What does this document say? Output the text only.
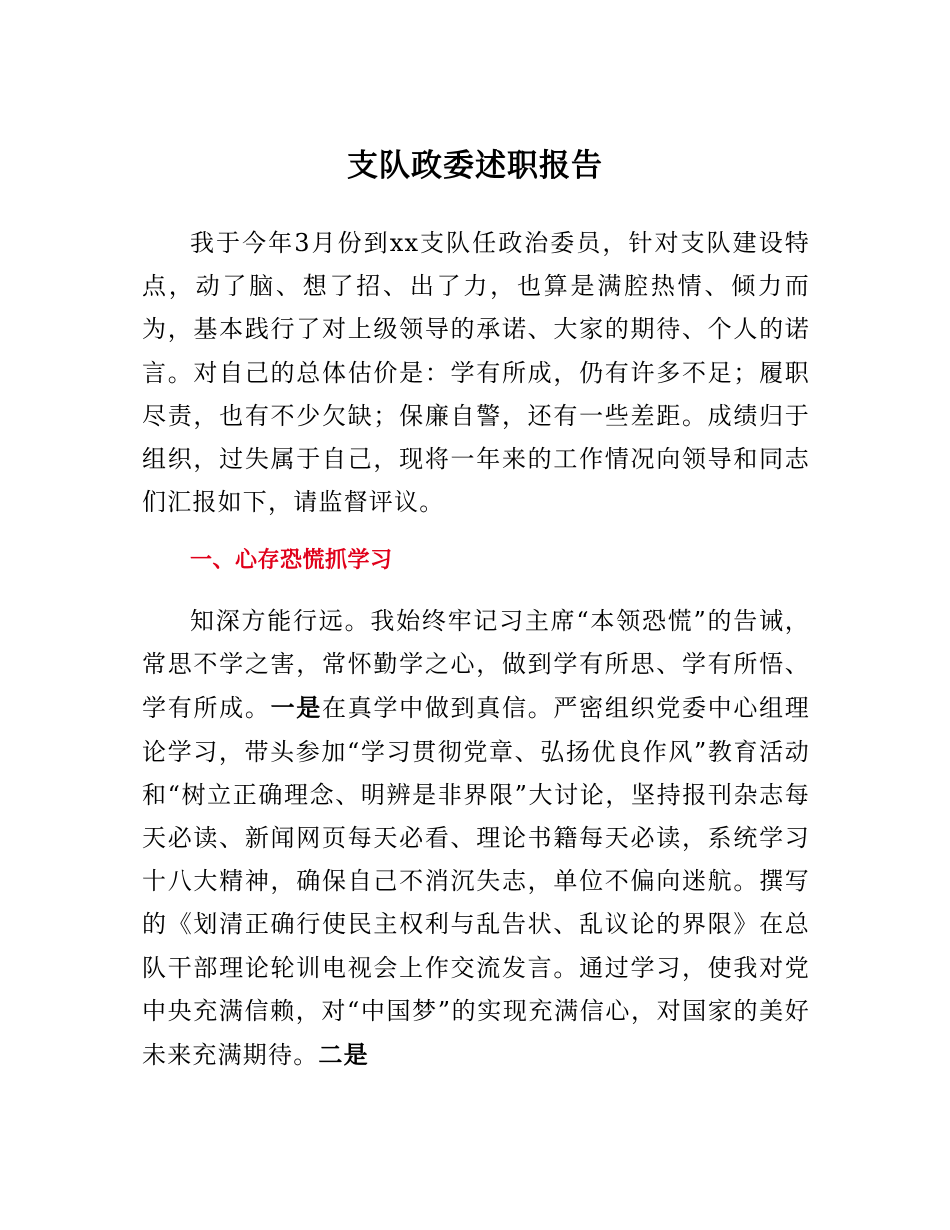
支队政委述职报告

我于今年3月份到xx支队任政治委员，针对支队建设特点，动了脑、想了招、出了力，也算是满腔热情、倾力而为，基本践行了对上级领导的承诺、大家的期待、个人的诺言。对自己的总体估价是：学有所成，仍有许多不足；履职尽责，也有不少欠缺；保廉自警，还有一些差距。成绩归于组织，过失属于自己，现将一年来的工作情况向领导和同志们汇报如下，请监督评议。

一、心存恐慌抓学习

知深方能行远。我始终牢记习主席“本领恐慌”的告诫，常思不学之害，常怀勤学之心，做到学有所思、学有所悟、学有所成。一是在真学中做到真信。严密组织党委中心组理论学习，带头参加“学习贯彻党章、弘扬优良作风”教育活动和“树立正确理念、明辨是非界限”大讨论，坚持报刊杂志每天必读、新闻网页每天必看、理论书籍每天必读，系统学习十八大精神，确保自己不消沉失志，单位不偏向迷航。撰写的《划清正确行使民主权利与乱告状、乱议论的界限》在总队干部理论轮训电视会上作交流发言。通过学习，使我对党中央充满信赖，对“中国梦”的实现充满信心，对国家的美好未来充满期待。二是
